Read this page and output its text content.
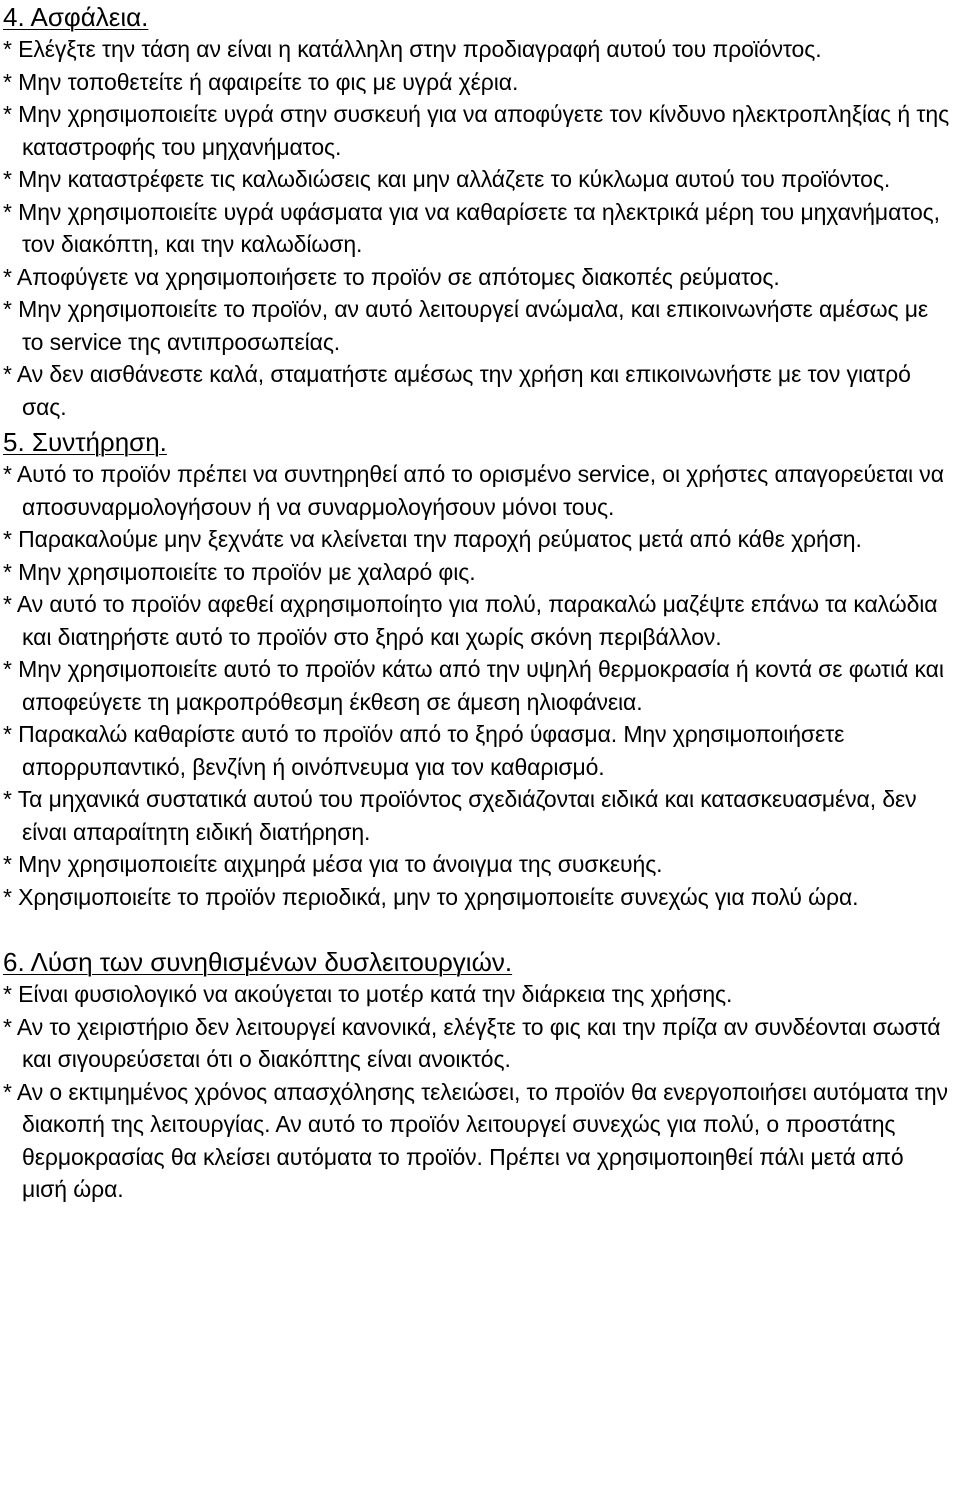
4. Ασφάλεια.

* Ελέγξτε την τάση αν είναι η κατάλληλη στην προδιαγραφή αυτού του προϊόντος.

* Μην τοποθετείτε ή αφαιρείτε το φις με υγρά χέρια.

* Μην χρησιμοποιείτε υγρά στην συσκευή για να αποφύγετε τον κίνδυνο ηλεκτροπληξίας ή της καταστροφής του μηχανήματος.

* Μην καταστρέφετε τις καλωδιώσεις και μην αλλάζετε το κύκλωμα αυτού του προϊόντος.

* Μην χρησιμοποιείτε υγρά υφάσματα για να καθαρίσετε τα ηλεκτρικά μέρη του μηχανήματος, τον διακόπτη, και την καλωδίωση.

* Αποφύγετε να χρησιμοποιήσετε το προϊόν σε απότομες διακοπές ρεύματος.

* Μην χρησιμοποιείτε το προϊόν, αν αυτό λειτουργεί ανώμαλα, και επικοινωνήστε αμέσως με το service της αντιπροσωπείας.

* Αν δεν αισθάνεστε καλά, σταματήστε αμέσως την χρήση και επικοινωνήστε με τον γιατρό σας.

5. Συντήρηση.

* Αυτό το προϊόν πρέπει να συντηρηθεί από το ορισμένο service, οι χρήστες απαγορεύεται να αποσυναρμολογήσουν ή να συναρμολογήσουν μόνοι τους.

* Παρακαλούμε μην ξεχνάτε να κλείνεται την παροχή ρεύματος μετά από κάθε χρήση.

* Μην χρησιμοποιείτε το προϊόν με χαλαρό φις.

* Αν αυτό το προϊόν αφεθεί αχρησιμοποίητο για πολύ, παρακαλώ μαζέψτε επάνω τα καλώδια και διατηρήστε αυτό το προϊόν στο ξηρό και χωρίς σκόνη περιβάλλον.

* Μην χρησιμοποιείτε αυτό το προϊόν κάτω από την υψηλή θερμοκρασία ή κοντά σε φωτιά και αποφεύγετε τη μακροπρόθεσμη έκθεση σε άμεση ηλιοφάνεια.

* Παρακαλώ καθαρίστε αυτό το προϊόν από το ξηρό ύφασμα. Μην χρησιμοποιήσετε απορρυπαντικό, βενζίνη ή οινόπνευμα για τον καθαρισμό.

* Τα μηχανικά συστατικά αυτού του προϊόντος σχεδιάζονται ειδικά και κατασκευασμένα, δεν είναι απαραίτητη ειδική διατήρηση.

* Μην χρησιμοποιείτε αιχμηρά μέσα για το άνοιγμα της συσκευής.

* Χρησιμοποιείτε το προϊόν περιοδικά, μην το χρησιμοποιείτε συνεχώς για πολύ ώρα.

6. Λύση των συνηθισμένων δυσλειτουργιών.

* Είναι φυσιολογικό να ακούγεται το μοτέρ κατά την διάρκεια της χρήσης.

* Αν το χειριστήριο δεν λειτουργεί κανονικά, ελέγξτε το φις και την πρίζα αν συνδέονται σωστά και σιγουρεύσεται ότι ο διακόπτης είναι ανοικτός.

* Αν ο εκτιμημένος χρόνος απασχόλησης τελειώσει, το προϊόν θα ενεργοποιήσει αυτόματα την διακοπή της λειτουργίας. Αν αυτό το προϊόν λειτουργεί συνεχώς για πολύ, ο προστάτης θερμοκρασίας θα κλείσει αυτόματα το προϊόν. Πρέπει να χρησιμοποιηθεί πάλι μετά από μισή ώρα.
